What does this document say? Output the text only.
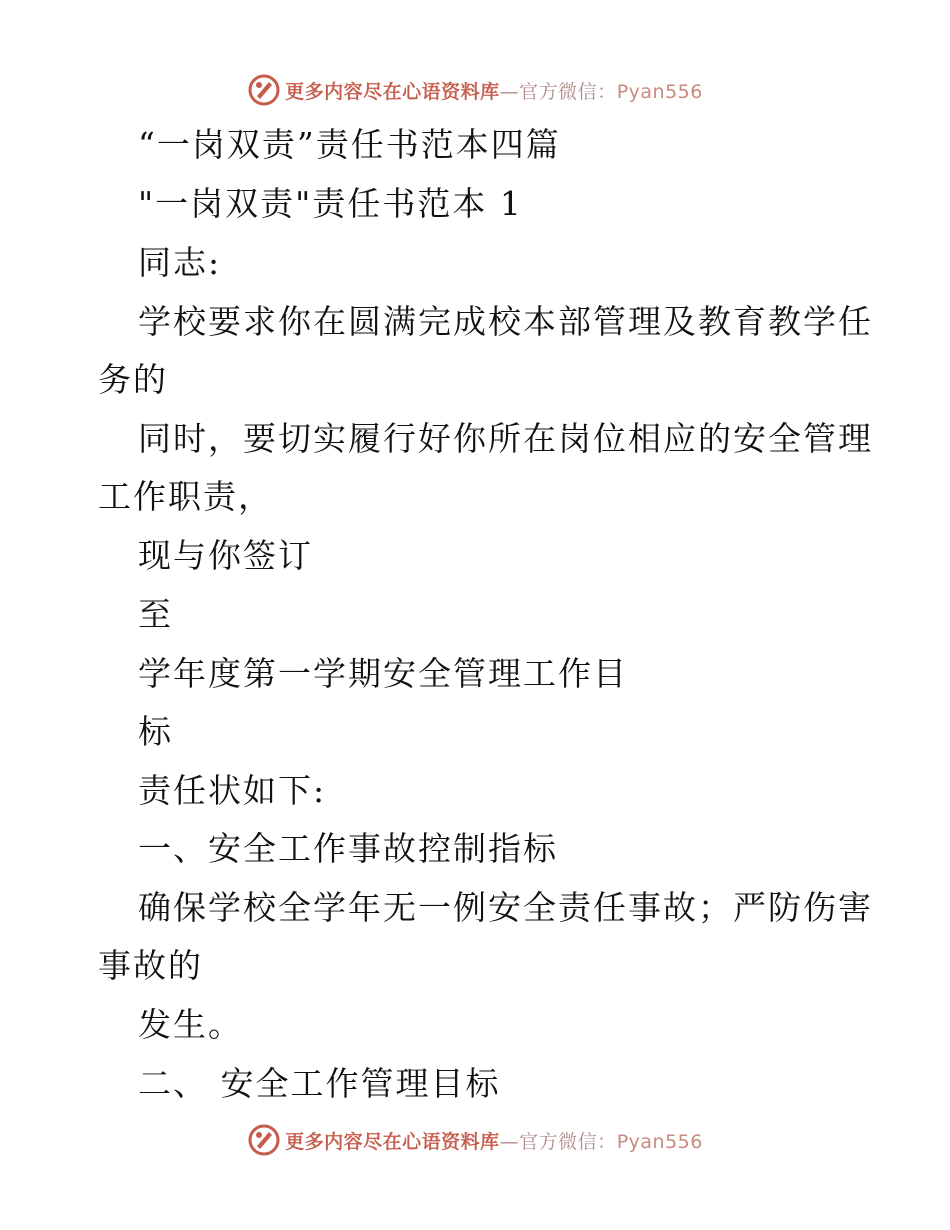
更多内容尽在心语资料库—官方微信：Pyan556
“一岗双责”责任书范本四篇
"一岗双责"责任书范本 1
同志:
学校要求你在圆满完成校本部管理及教育教学任
务的
同时，要切实履行好你所在岗位相应的安全管理
工作职责，
现与你签订
至
学年度第一学期安全管理工作目
标
责任状如下:
一、安全工作事故控制指标
确保学校全学年无一例安全责任事故；严防伤害
事故的
发生。
二、 安全工作管理目标
更多内容尽在心语资料库—官方微信：Pyan556
